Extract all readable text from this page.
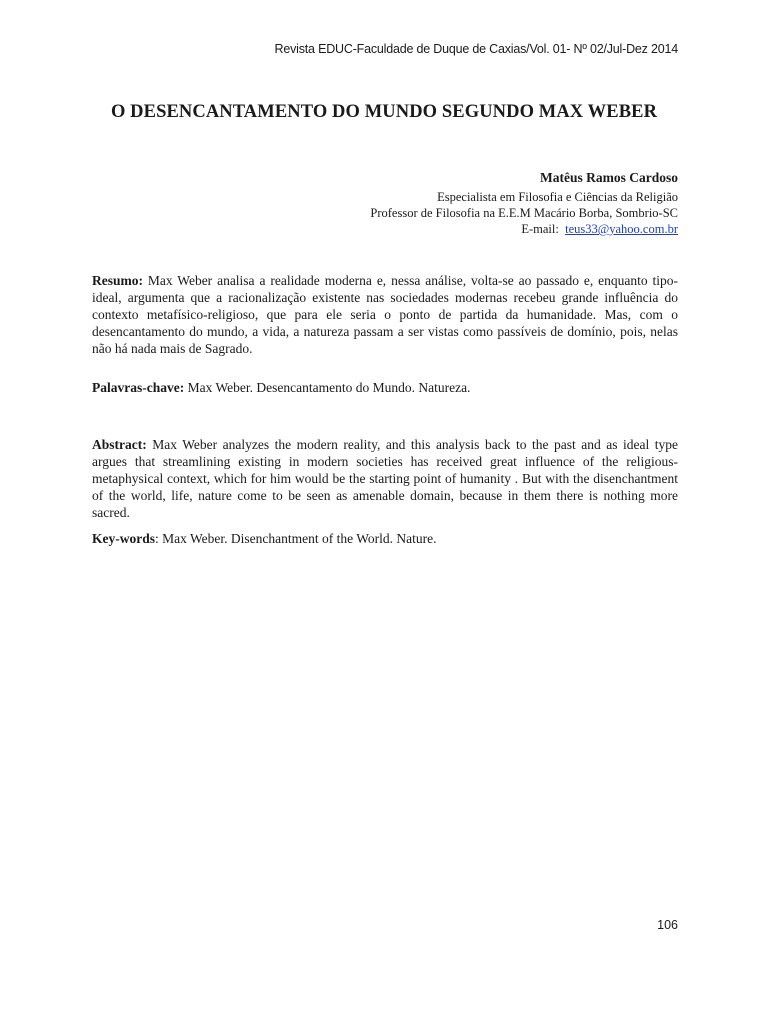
Revista EDUC-Faculdade de Duque de Caxias/Vol. 01- Nº 02/Jul-Dez 2014
O DESENCANTAMENTO DO MUNDO SEGUNDO MAX WEBER
Matêus Ramos Cardoso
Especialista em Filosofia e Ciências da Religião
Professor de Filosofia na E.E.M Macário Borba, Sombrio-SC
E-mail: teus33@yahoo.com.br
Resumo: Max Weber analisa a realidade moderna e, nessa análise, volta-se ao passado e, enquanto tipo-ideal, argumenta que a racionalização existente nas sociedades modernas recebeu grande influência do contexto metafísico-religioso, que para ele seria o ponto de partida da humanidade. Mas, com o desencantamento do mundo, a vida, a natureza passam a ser vistas como passíveis de domínio, pois, nelas não há nada mais de Sagrado.
Palavras-chave: Max Weber. Desencantamento do Mundo. Natureza.
Abstract: Max Weber analyzes the modern reality, and this analysis back to the past and as ideal type argues that streamlining existing in modern societies has received great influence of the religious-metaphysical context, which for him would be the starting point of humanity . But with the disenchantment of the world, life, nature come to be seen as amenable domain, because in them there is nothing more sacred.
Key-words: Max Weber. Disenchantment of the World. Nature.
106
